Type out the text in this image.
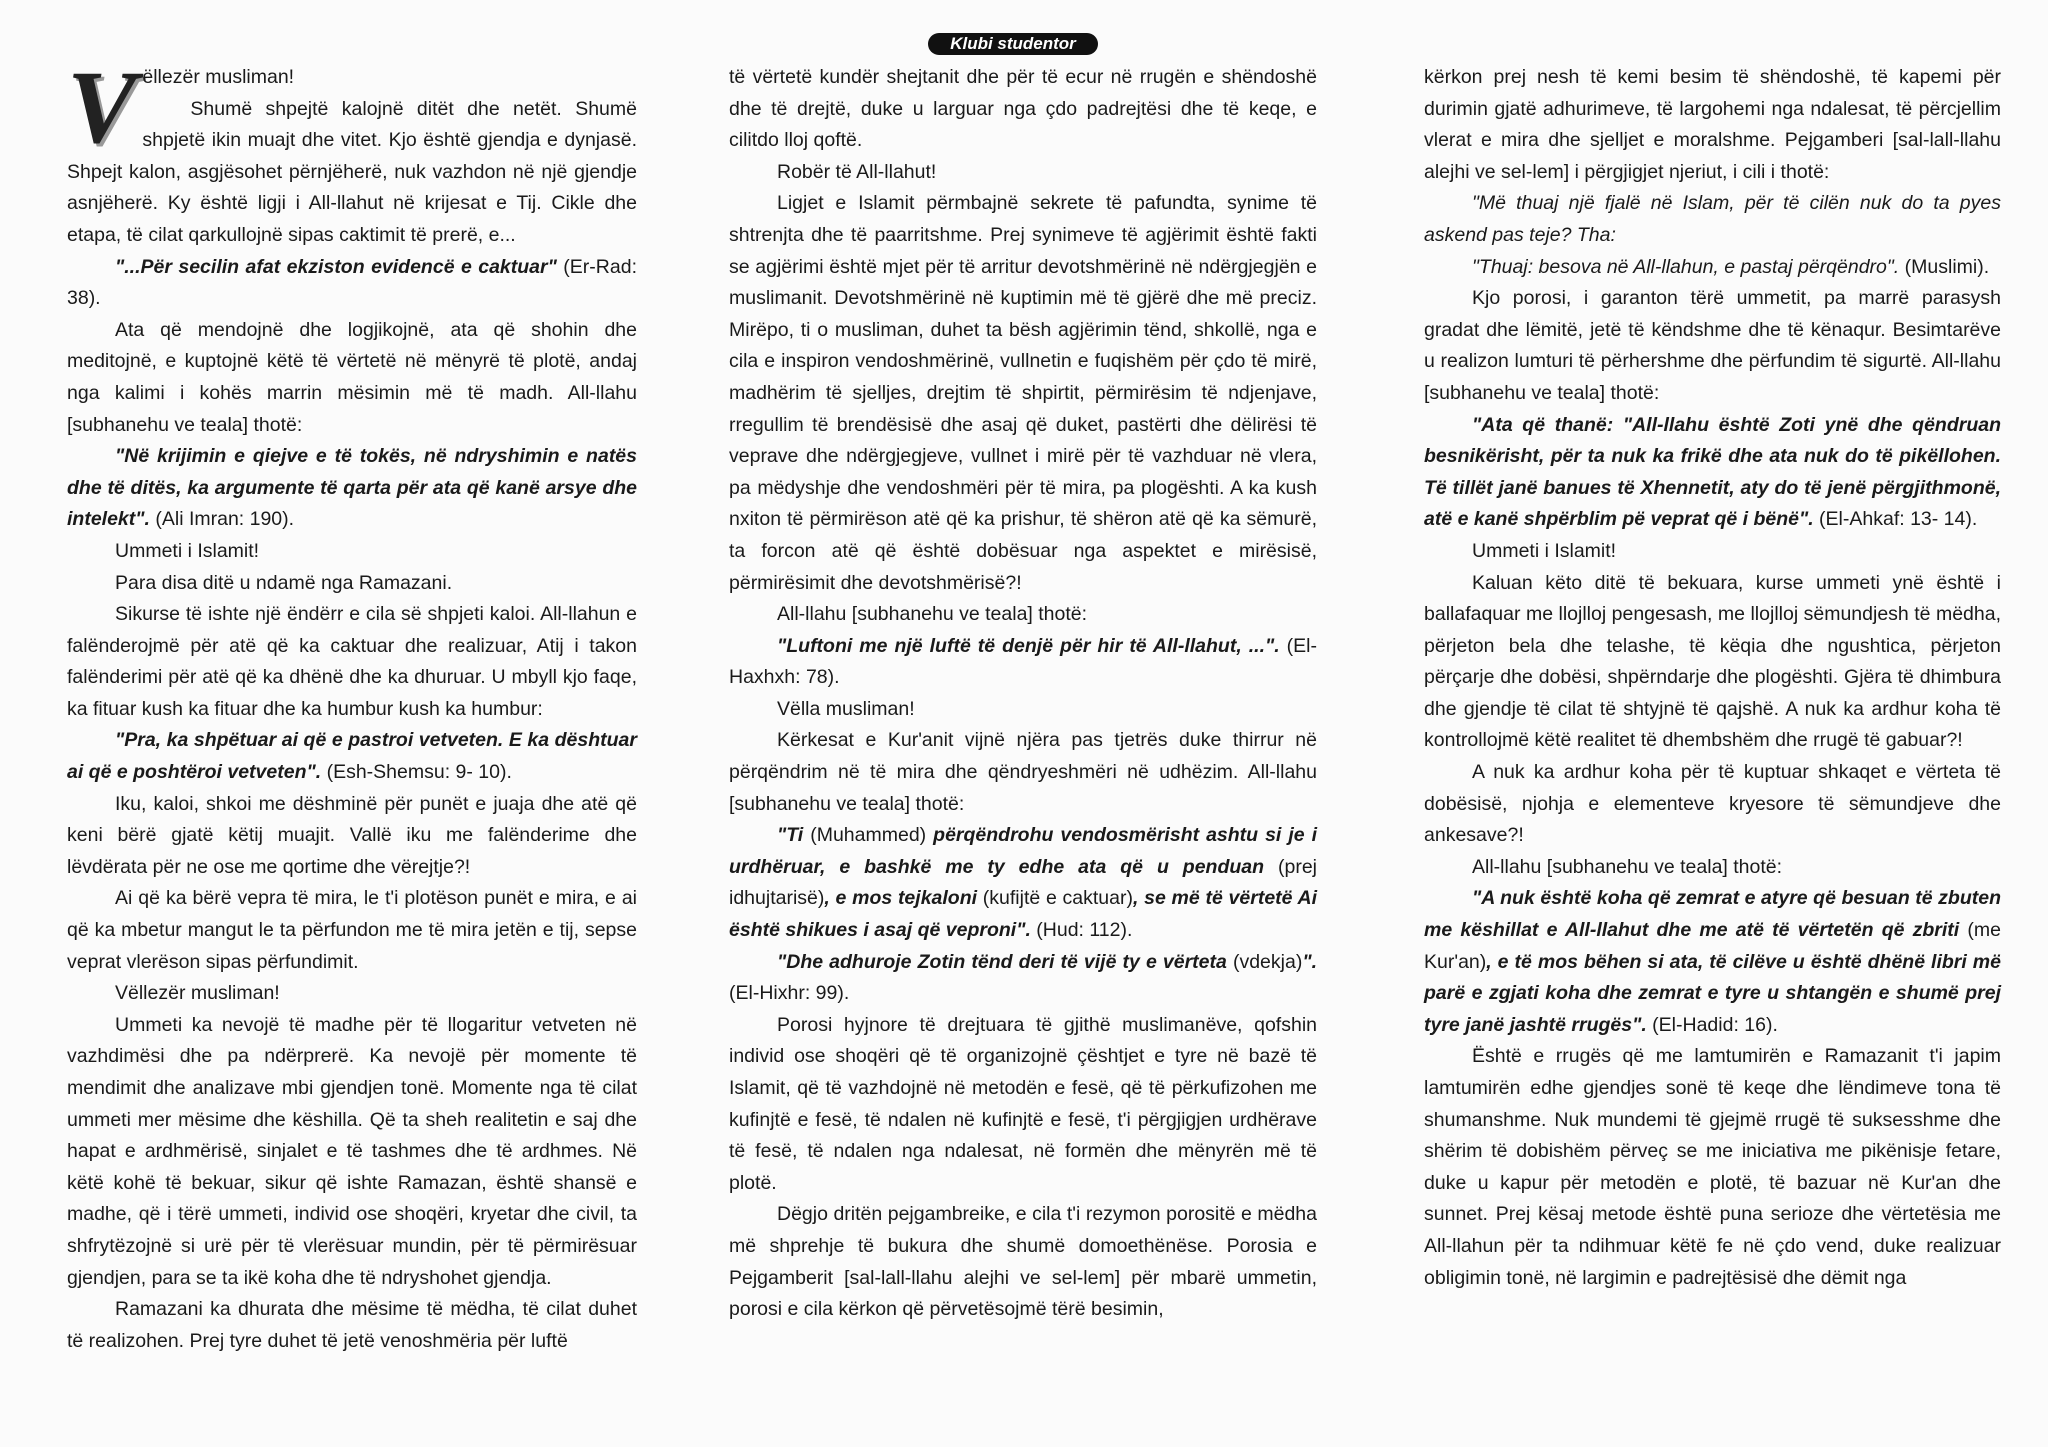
Klubi studentor

Vëllezër musliman!

Shumë shpejtë kalojnë ditët dhe netët. Shumë shpjetë ikin muajt dhe vitet. Kjo është gjendja e dynjasë. Shpejt kalon, asgjësohet përnjëherë, nuk vazhdon në një gjendje asnjëherë. Ky është ligji i All-llahut në krijesat e Tij. Cikle dhe etapa, të cilat qarkullojnë sipas caktimit të prerë, e...

"...Për secilin afat ekziston evidencë e caktuar" (Er-Rad: 38).

Ata që mendojnë dhe logjikojnë, ata që shohin dhe meditojnë, e kuptojnë këtë të vërtetë në mënyrë të plotë, andaj nga kalimi i kohës marrin mësimin më të madh. All-llahu [subhanehu ve teala] thotë:

"Në krijimin e qiejve e të tokës, në ndryshimin e natës dhe të ditës, ka argumente të qarta për ata që kanë arsye dhe intelekt". (Ali Imran: 190).

Ummeti i Islamit!

Para disa ditë u ndamë nga Ramazani.

Sikurse të ishte një ëndërr e cila së shpjeti kaloi. All-llahun e falënderojmë për atë që ka caktuar dhe realizuar, Atij i takon falënderimi për atë që ka dhënë dhe ka dhuruar. U mbyll kjo faqe, ka fituar kush ka fituar dhe ka humbur kush ka humbur:

"Pra, ka shpëtuar ai që e pastroi vetveten. E ka dështuar ai që e poshtëroi vetveten". (Esh-Shemsu: 9- 10).

Iku, kaloi, shkoi me dëshminë për punët e juaja dhe atë që keni bërë gjatë këtij muajit. Vallë iku me falënderime dhe lëvdërata për ne ose me qortime dhe vërejtje?!

Ai që ka bërë vepra të mira, le t'i plotëson punët e mira, e ai që ka mbetur mangut le ta përfundon me të mira jetën e tij, sepse veprat vlerëson sipas përfundimit.

Vëllezër musliman!

Ummeti ka nevojë të madhe për të llogaritur vetveten në vazhdimësi dhe pa ndërprerë. Ka nevojë për momente të mendimit dhe analizave mbi gjendjen tonë. Momente nga të cilat ummeti mer mësime dhe këshilla. Që ta sheh realitetin e saj dhe hapat e ardhmërisë, sinjalet e të tashmes dhe të ardhmes. Në këtë kohë të bekuar, sikur që ishte Ramazan, është shansë e madhe, që i tërë ummeti, individ ose shoqëri, kryetar dhe civil, ta shfrytëzojnë si urë për të vlerësuar mundin, për të përmirësuar gjendjen, para se ta ikë koha dhe të ndryshohet gjendja.

Ramazani ka dhurata dhe mësime të mëdha, të cilat duhet të realizohen. Prej tyre duhet të jetë venoshmëria për luftë

të vërtetë kundër shejtanit dhe për të ecur në rrugën e shëndoshë dhe të drejtë, duke u larguar nga çdo padrejtësi dhe të keqe, e cilitdo lloj qoftë.

Robër të All-llahut!

Ligjet e Islamit përmbajnë sekrete të pafundta, synime të shtrenjta dhe të paarritshme. Prej synimeve të agjërimit është fakti se agjërimi është mjet për të arritur devotshmërinë në ndërgjegjën e muslimanit. Devotshmërinë në kuptimin më të gjërë dhe më preciz. Mirëpo, ti o musliman, duhet ta bësh agjërimin tënd, shkollë, nga e cila e inspiron vendoshmërinë, vullnetin e fuqishëm për çdo të mirë, madhërim të sjelljes, drejtim të shpirtit, përmirësim të ndjenjave, rregullim të brendësisë dhe asaj që duket, pastërti dhe dëlirësi të veprave dhe ndërgjegjeve, vullnet i mirë për të vazhduar në vlera, pa mëdyshje dhe vendoshmëri për të mira, pa plogështi. A ka kush nxiton të përmirëson atë që ka prishur, të shëron atë që ka sëmurë, ta forcon atë që është dobësuar nga aspektet e mirësisë, përmirësimit dhe devotshmërisë?!

All-llahu [subhanehu ve teala] thotë:

"Luftoni me një luftë të denjë për hir të All-llahut, ...". (El-Haxhxh: 78).

Vëlla musliman!

Kërkesat e Kur'anit vijnë njëra pas tjetrës duke thirrur në përqëndrim në të mira dhe qëndryeshmëri në udhëzim. All-llahu [subhanehu ve teala] thotë:

"Ti (Muhammed) përqëndrohu vendosmërisht ashtu si je i urdhëruar, e bashkë me ty edhe ata që u penduan (prej idhujtarisë), e mos tejkaloni (kufijtë e caktuar), se më të vërtetë Ai është shikues i asaj që veproni". (Hud: 112).

"Dhe adhuroje Zotin tënd deri të vijë ty e vërteta (vdekja)". (El-Hixhr: 99).

Porosi hyjnore të drejtuara të gjithë muslimanëve, qofshin individ ose shoqëri që të organizojnë çështjet e tyre në bazë të Islamit, që të vazhdojnë në metodën e fesë, që të përkufizohen me kufinjtë e fesë, të ndalen në kufinjtë e fesë, t'i përgjigjen urdhërave të fesë, të ndalen nga ndalesat, në formën dhe mënyrën më të plotë.

Dëgjo dritën pejgambreike, e cila t'i rezymon porositë e mëdha më shprehje të bukura dhe shumë domoethënëse. Porosia e Pejgamberit [sal-lall-llahu alejhi ve sel-lem] për mbarë ummetin, porosi e cila kërkon që përvetësojmë tërë besimin,

kërkon prej nesh të kemi besim të shëndoshë, të kapemi për durimin gjatë adhurimeve, të largohemi nga ndalesat, të përcjellim vlerat e mira dhe sjelljet e moralshme. Pejgamberi [sal-lall-llahu alejhi ve sel-lem] i përgjigjet njeriut, i cili i thotë:

"Më thuaj një fjalë në Islam, për të cilën nuk do ta pyes askend pas teje? Tha:

"Thuaj: besova në All-llahun, e pastaj përqëndro". (Muslimi).

Kjo porosi, i garanton tërë ummetit, pa marrë parasysh gradat dhe lëmitë, jetë të këndshme dhe të kënaqur. Besimtarëve u realizon lumturi të përhershme dhe përfundim të sigurtë. All-llahu [subhanehu ve teala] thotë:

"Ata që thanë: "All-llahu është Zoti ynë dhe qëndruan besnikërisht, për ta nuk ka frikë dhe ata nuk do të pikëllohen. Të tillët janë banues të Xhennetit, aty do të jenë përgjithmonë, atë e kanë shpërblim pë veprat që i bënë". (El-Ahkaf: 13- 14).

Ummeti i Islamit!

Kaluan këto ditë të bekuara, kurse ummeti ynë është i ballafaquar me llojlloj pengesash, me llojlloj sëmundjesh të mëdha, përjeton bela dhe telashe, të këqia dhe ngushtica, përjeton përçarje dhe dobësi, shpërndarje dhe plogështi. Gjëra të dhimbura dhe gjendje të cilat të shtyjnë të qajshë. A nuk ka ardhur koha të kontrollojmë këtë realitet të dhembshëm dhe rrugë të gabuar?!

A nuk ka ardhur koha për të kuptuar shkaqet e vërteta të dobësisë, njohja e elementeve kryesore të sëmundjeve dhe ankesave?!

All-llahu [subhanehu ve teala] thotë:

"A nuk është koha që zemrat e atyre që besuan të zbuten me këshillat e All-llahut dhe me atë të vërtetën që zbriti (me Kur'an), e të mos bëhen si ata, të cilëve u është dhënë libri më parë e zgjati koha dhe zemrat e tyre u shtangën e shumë prej tyre janë jashtë rrugës". (El-Hadid: 16).

Është e rrugës që me lamtumirën e Ramazanit t'i japim lamtumirën edhe gjendjes sonë të keqe dhe lëndimeve tona të shumanshme. Nuk mundemi të gjejmë rrugë të suksesshme dhe shërim të dobishëm përveç se me iniciativa me pikënisje fetare, duke u kapur për metodën e plotë, të bazuar në Kur'an dhe sunnet. Prej kësaj metode është puna serioze dhe vërtetësia me All-llahun për ta ndihmuar këtë fe në çdo vend, duke realizuar obligimin tonë, në largimin e padrejtësisë dhe dëmit nga
